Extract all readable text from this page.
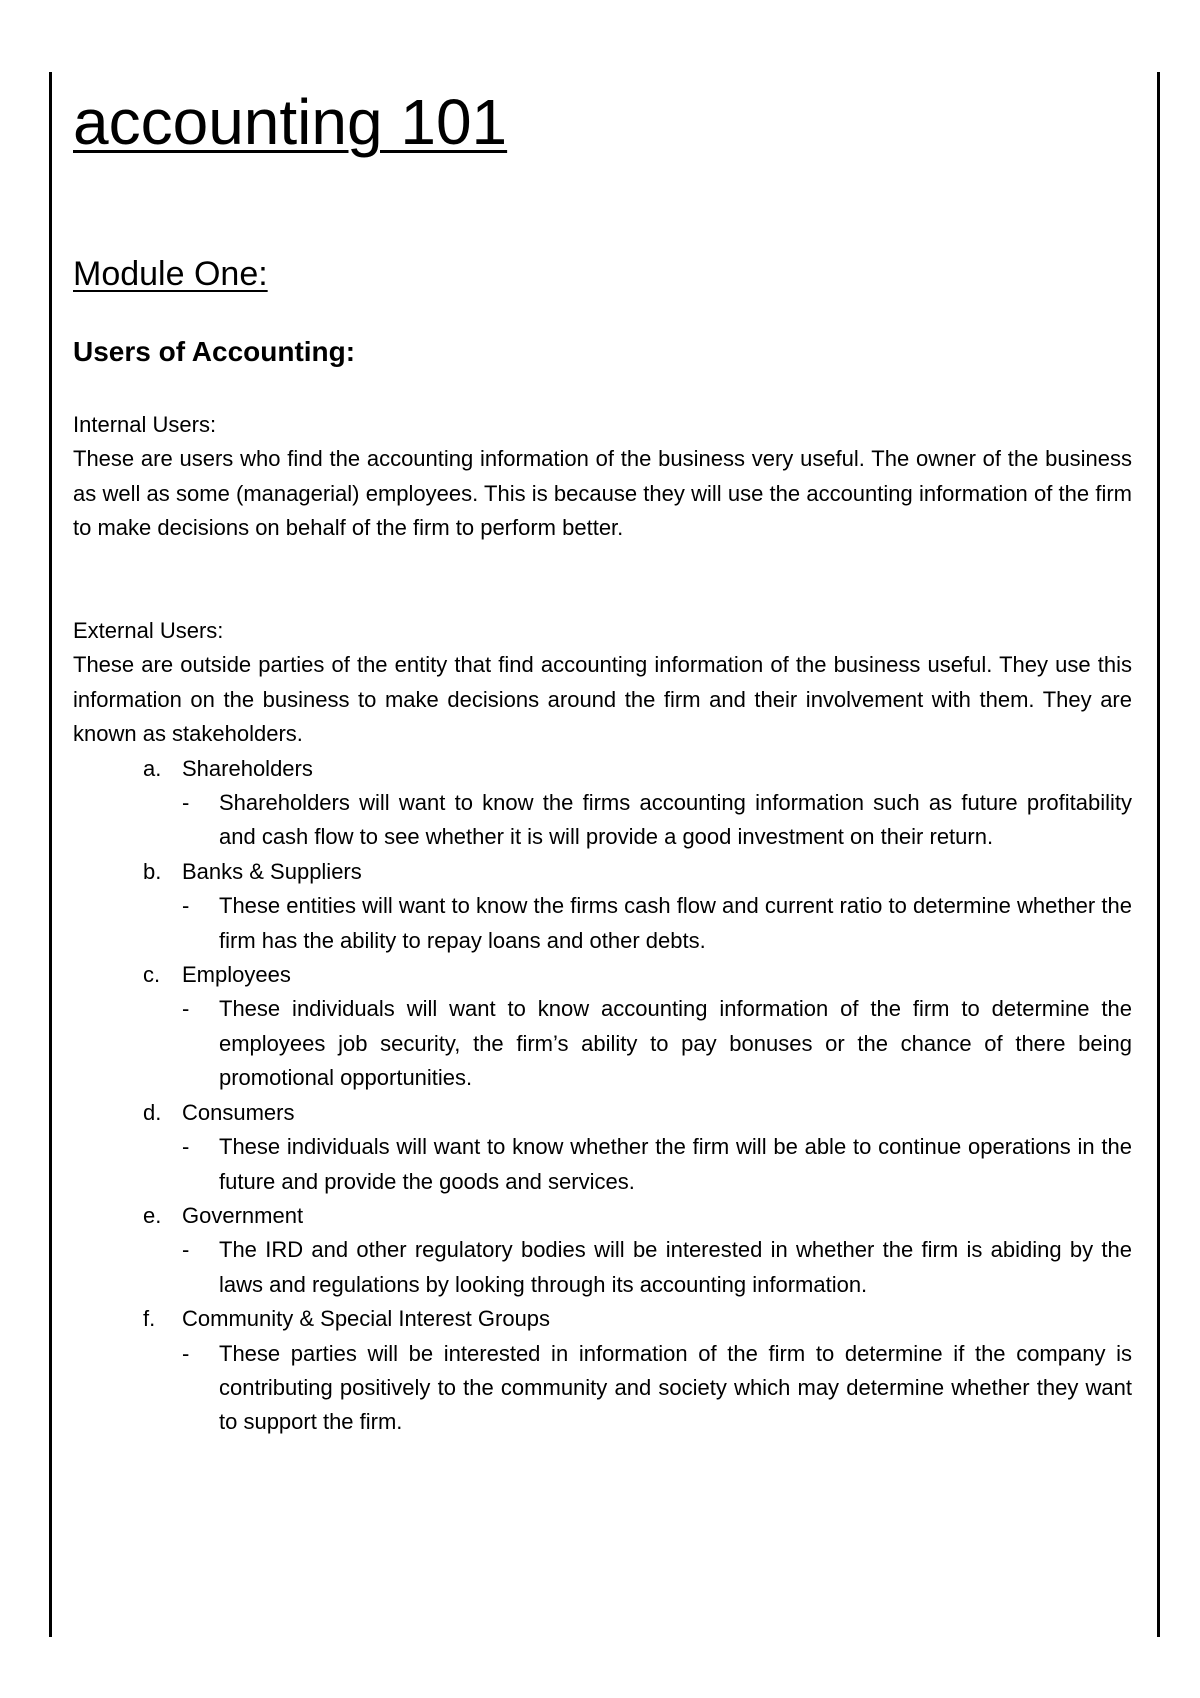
accounting 101
Module One:
Users of Accounting:

Internal Users:

These are users who find the accounting information of the business very useful. The owner of the business as well as some (managerial) employees. This is because they will use the accounting information of the firm to make decisions on behalf of the firm to perform better.

External Users:

These are outside parties of the entity that find accounting information of the business useful. They use this information on the business to make decisions around the firm and their involvement with them. They are known as stakeholders.

a. Shareholders

- Shareholders will want to know the firms accounting information such as future profitability and cash flow to see whether it is will provide a good investment on their return.

b. Banks & Suppliers

- These entities will want to know the firms cash flow and current ratio to determine whether the firm has the ability to repay loans and other debts.

c. Employees

- These individuals will want to know accounting information of the firm to determine the employees job security, the firm’s ability to pay bonuses or the chance of there being promotional opportunities.

d. Consumers

- These individuals will want to know whether the firm will be able to continue operations in the future and provide the goods and services.

e. Government

- The IRD and other regulatory bodies will be interested in whether the firm is abiding by the laws and regulations by looking through its accounting information.

f. Community & Special Interest Groups

- These parties will be interested in information of the firm to determine if the company is contributing positively to the community and society which may determine whether they want to support the firm.
